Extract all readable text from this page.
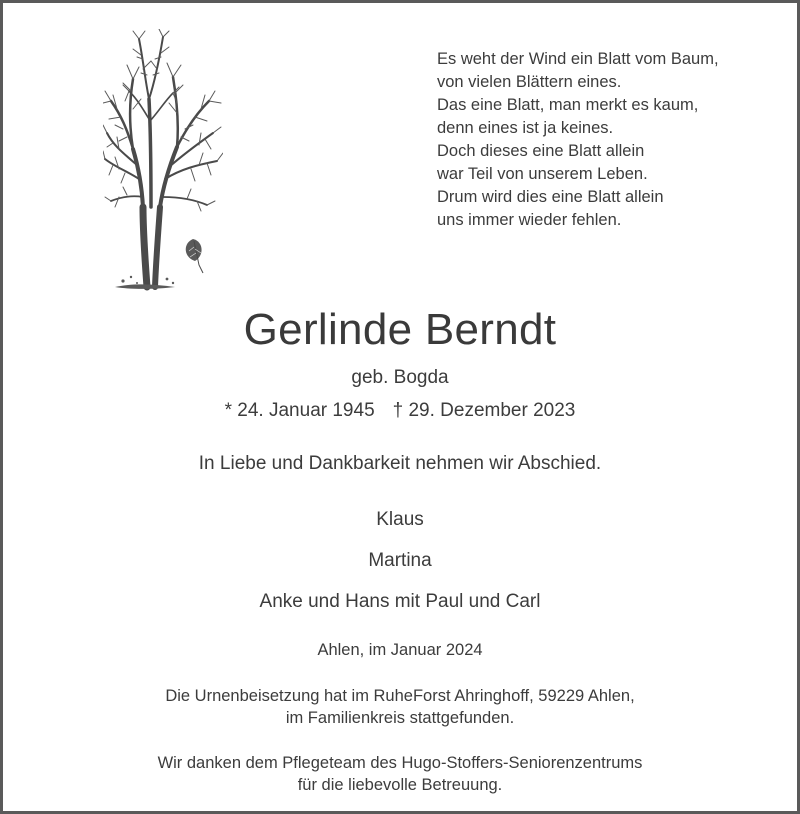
Es weht der Wind ein Blatt vom Baum,
von vielen Blättern eines.
Das eine Blatt, man merkt es kaum,
denn eines ist ja keines.
Doch dieses eine Blatt allein
war Teil von unserem Leben.
Drum wird dies eine Blatt allein
uns immer wieder fehlen.
Gerlinde Berndt
geb. Bogda
* 24. Januar 1945 † 29. Dezember 2023
In Liebe und Dankbarkeit nehmen wir Abschied.
Klaus
Martina
Anke und Hans mit Paul und Carl
Ahlen, im Januar 2024
Die Urnenbeisetzung hat im RuheForst Ahringhoff, 59229 Ahlen,
im Familienkreis stattgefunden.
Wir danken dem Pflegeteam des Hugo-Stoffers-Seniorenzentrums
für die liebevolle Betreuung.
